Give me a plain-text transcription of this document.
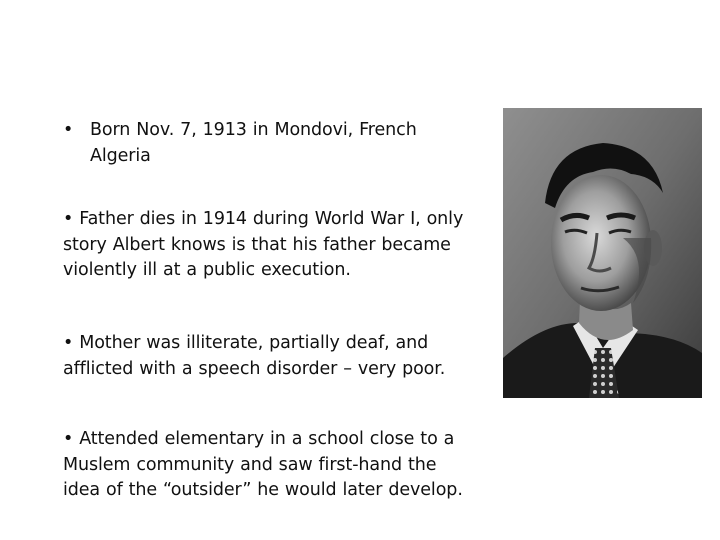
• Born Nov. 7, 1913 in Mondovi, French
Algeria
• Father dies in 1914 during World War I, only
story Albert knows is that his father became
violently ill at a public execution.
• Mother was illiterate, partially deaf, and
afflicted with a speech disorder – very poor.
• Attended elementary in a school close to a
Muslem community and saw first-hand the
idea of the “outsider” he would later develop.
